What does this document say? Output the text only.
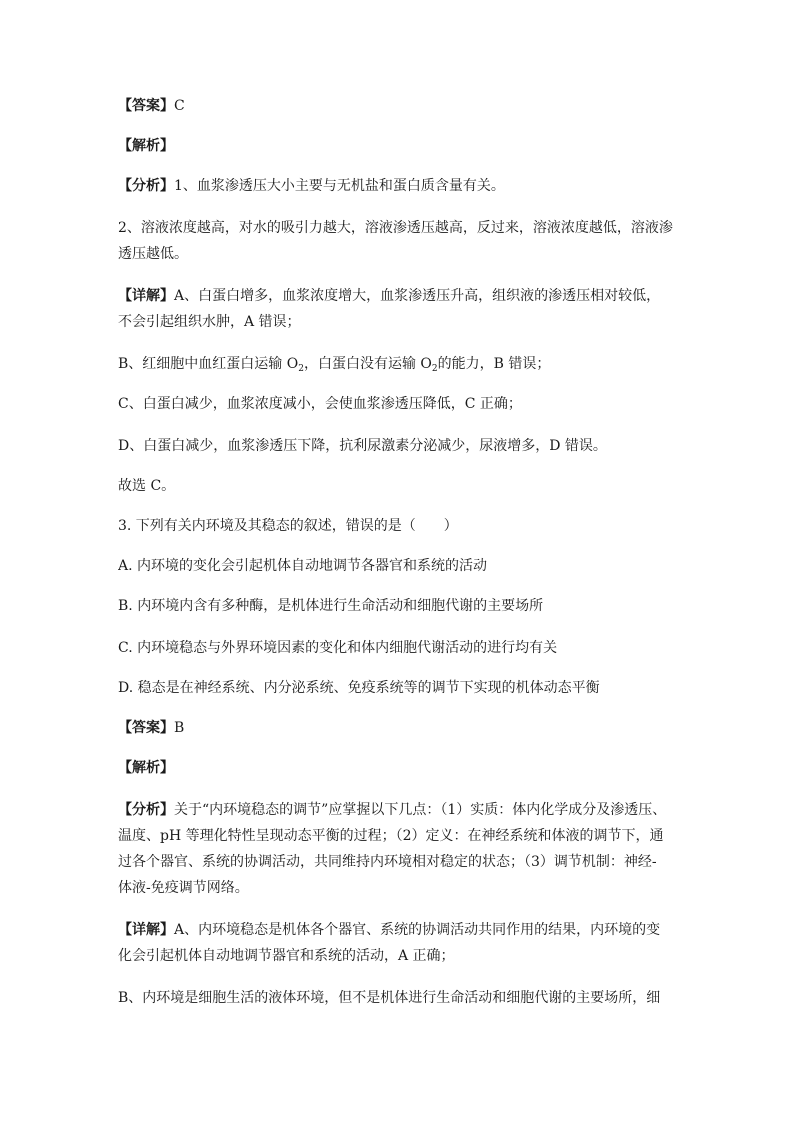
【答案】C
【解析】
【分析】1、血浆渗透压大小主要与无机盐和蛋白质含量有关。
2、溶液浓度越高，对水的吸引力越大，溶液渗透压越高，反过来，溶液浓度越低，溶液渗
透压越低。
【详解】A、白蛋白增多，血浆浓度增大，血浆渗透压升高，组织液的渗透压相对较低，
不会引起组织水肿，A 错误；
B、红细胞中血红蛋白运输 $O_2$，白蛋白没有运输 $O_2$的能力，B 错误；
C、白蛋白减少，血浆浓度减小，会使血浆渗透压降低，C 正确；
D、白蛋白减少，血浆渗透压下降，抗利尿激素分泌减少，尿液增多，D 错误。
故选 C。
3. 下列有关内环境及其稳态的叙述，错误的是（　　）
A. 内环境的变化会引起机体自动地调节各器官和系统的活动
B. 内环境内含有多种酶，是机体进行生命活动和细胞代谢的主要场所
C. 内环境稳态与外界环境因素的变化和体内细胞代谢活动的进行均有关
D. 稳态是在神经系统、内分泌系统、免疫系统等的调节下实现的机体动态平衡
【答案】B
【解析】
【分析】关于“内环境稳态的调节”应掌握以下几点：（1）实质：体内化学成分及渗透压、
温度、pH 等理化特性呈现动态平衡的过程；（2）定义：在神经系统和体液的调节下，通
过各个器官、系统的协调活动，共同维持内环境相对稳定的状态；（3）调节机制：神经-
体液-免疫调节网络。
【详解】A、内环境稳态是机体各个器官、系统的协调活动共同作用的结果，内环境的变
化会引起机体自动地调节器官和系统的活动，A 正确；
B、内环境是细胞生活的液体环境，但不是机体进行生命活动和细胞代谢的主要场所，细
